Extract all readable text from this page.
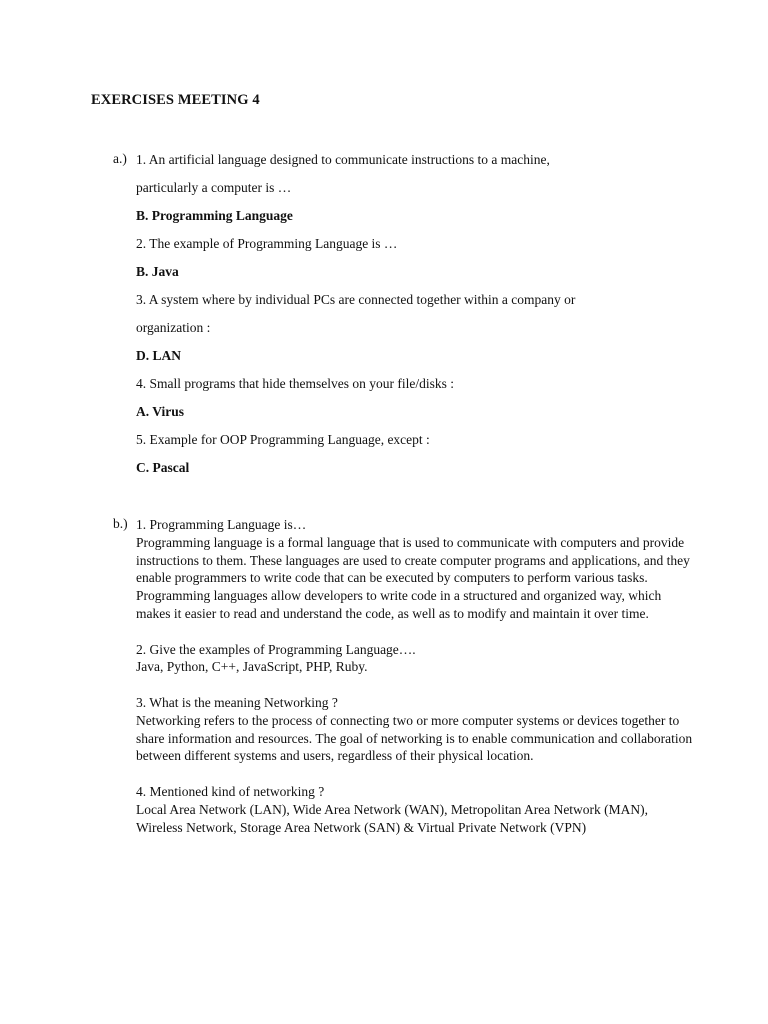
EXERCISES MEETING 4
a.) 1. An artificial language designed to communicate instructions to a machine,

particularly a computer is …

B. Programming Language

2. The example of Programming Language is …

B. Java

3. A system where by individual PCs are connected together within a company or

organization :

D. LAN

4. Small programs that hide themselves on your file/disks :

A. Virus

5. Example for OOP Programming Language, except :

C. Pascal

b.) 1. Programming Language is…

Programming language is a formal language that is used to communicate with computers and provide instructions to them. These languages are used to create computer programs and applications, and they enable programmers to write code that can be executed by computers to perform various tasks. Programming languages allow developers to write code in a structured and organized way, which makes it easier to read and understand the code, as well as to modify and maintain it over time.

2. Give the examples of Programming Language….

Java, Python, C++, JavaScript, PHP, Ruby.

3. What is the meaning Networking ?

Networking refers to the process of connecting two or more computer systems or devices together to share information and resources. The goal of networking is to enable communication and collaboration between different systems and users, regardless of their physical location.

4. Mentioned kind of networking ?

Local Area Network (LAN), Wide Area Network (WAN), Metropolitan Area Network (MAN), Wireless Network, Storage Area Network (SAN) & Virtual Private Network (VPN)
